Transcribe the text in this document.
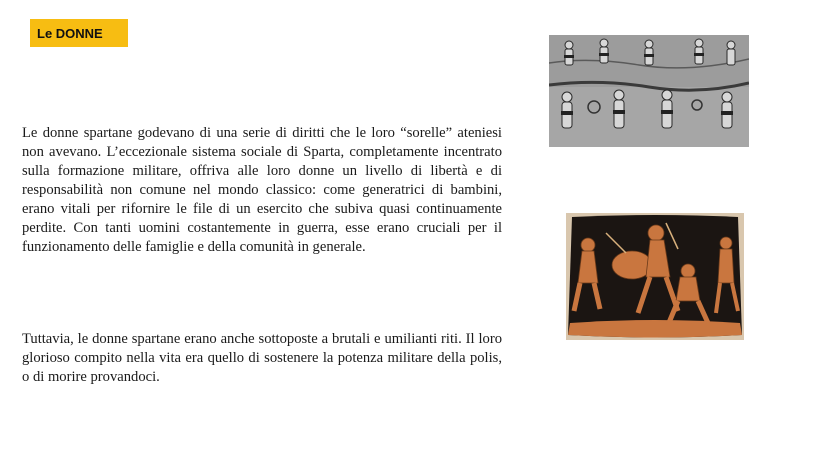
Le DONNE

Le donne spartane godevano di una serie di diritti che le loro “sorelle” ateniesi non avevano. L’eccezionale sistema sociale di Sparta, completamente incentrato sulla formazione militare, offriva alle loro donne un livello di libertà e di responsabilità non comune nel mondo classico: come generatrici di bambini, erano vitali per rifornire le file di un esercito che subiva quasi continuamente perdite. Con tanti uomini costantemente in guerra, esse erano cruciali per il funzionamento delle famiglie e della comunità in generale.

Tuttavia, le donne spartane erano anche sottoposte a brutali e umilianti riti. Il loro glorioso compito nella vita era quello di sostenere la potenza militare della polis, o di morire provandoci.
